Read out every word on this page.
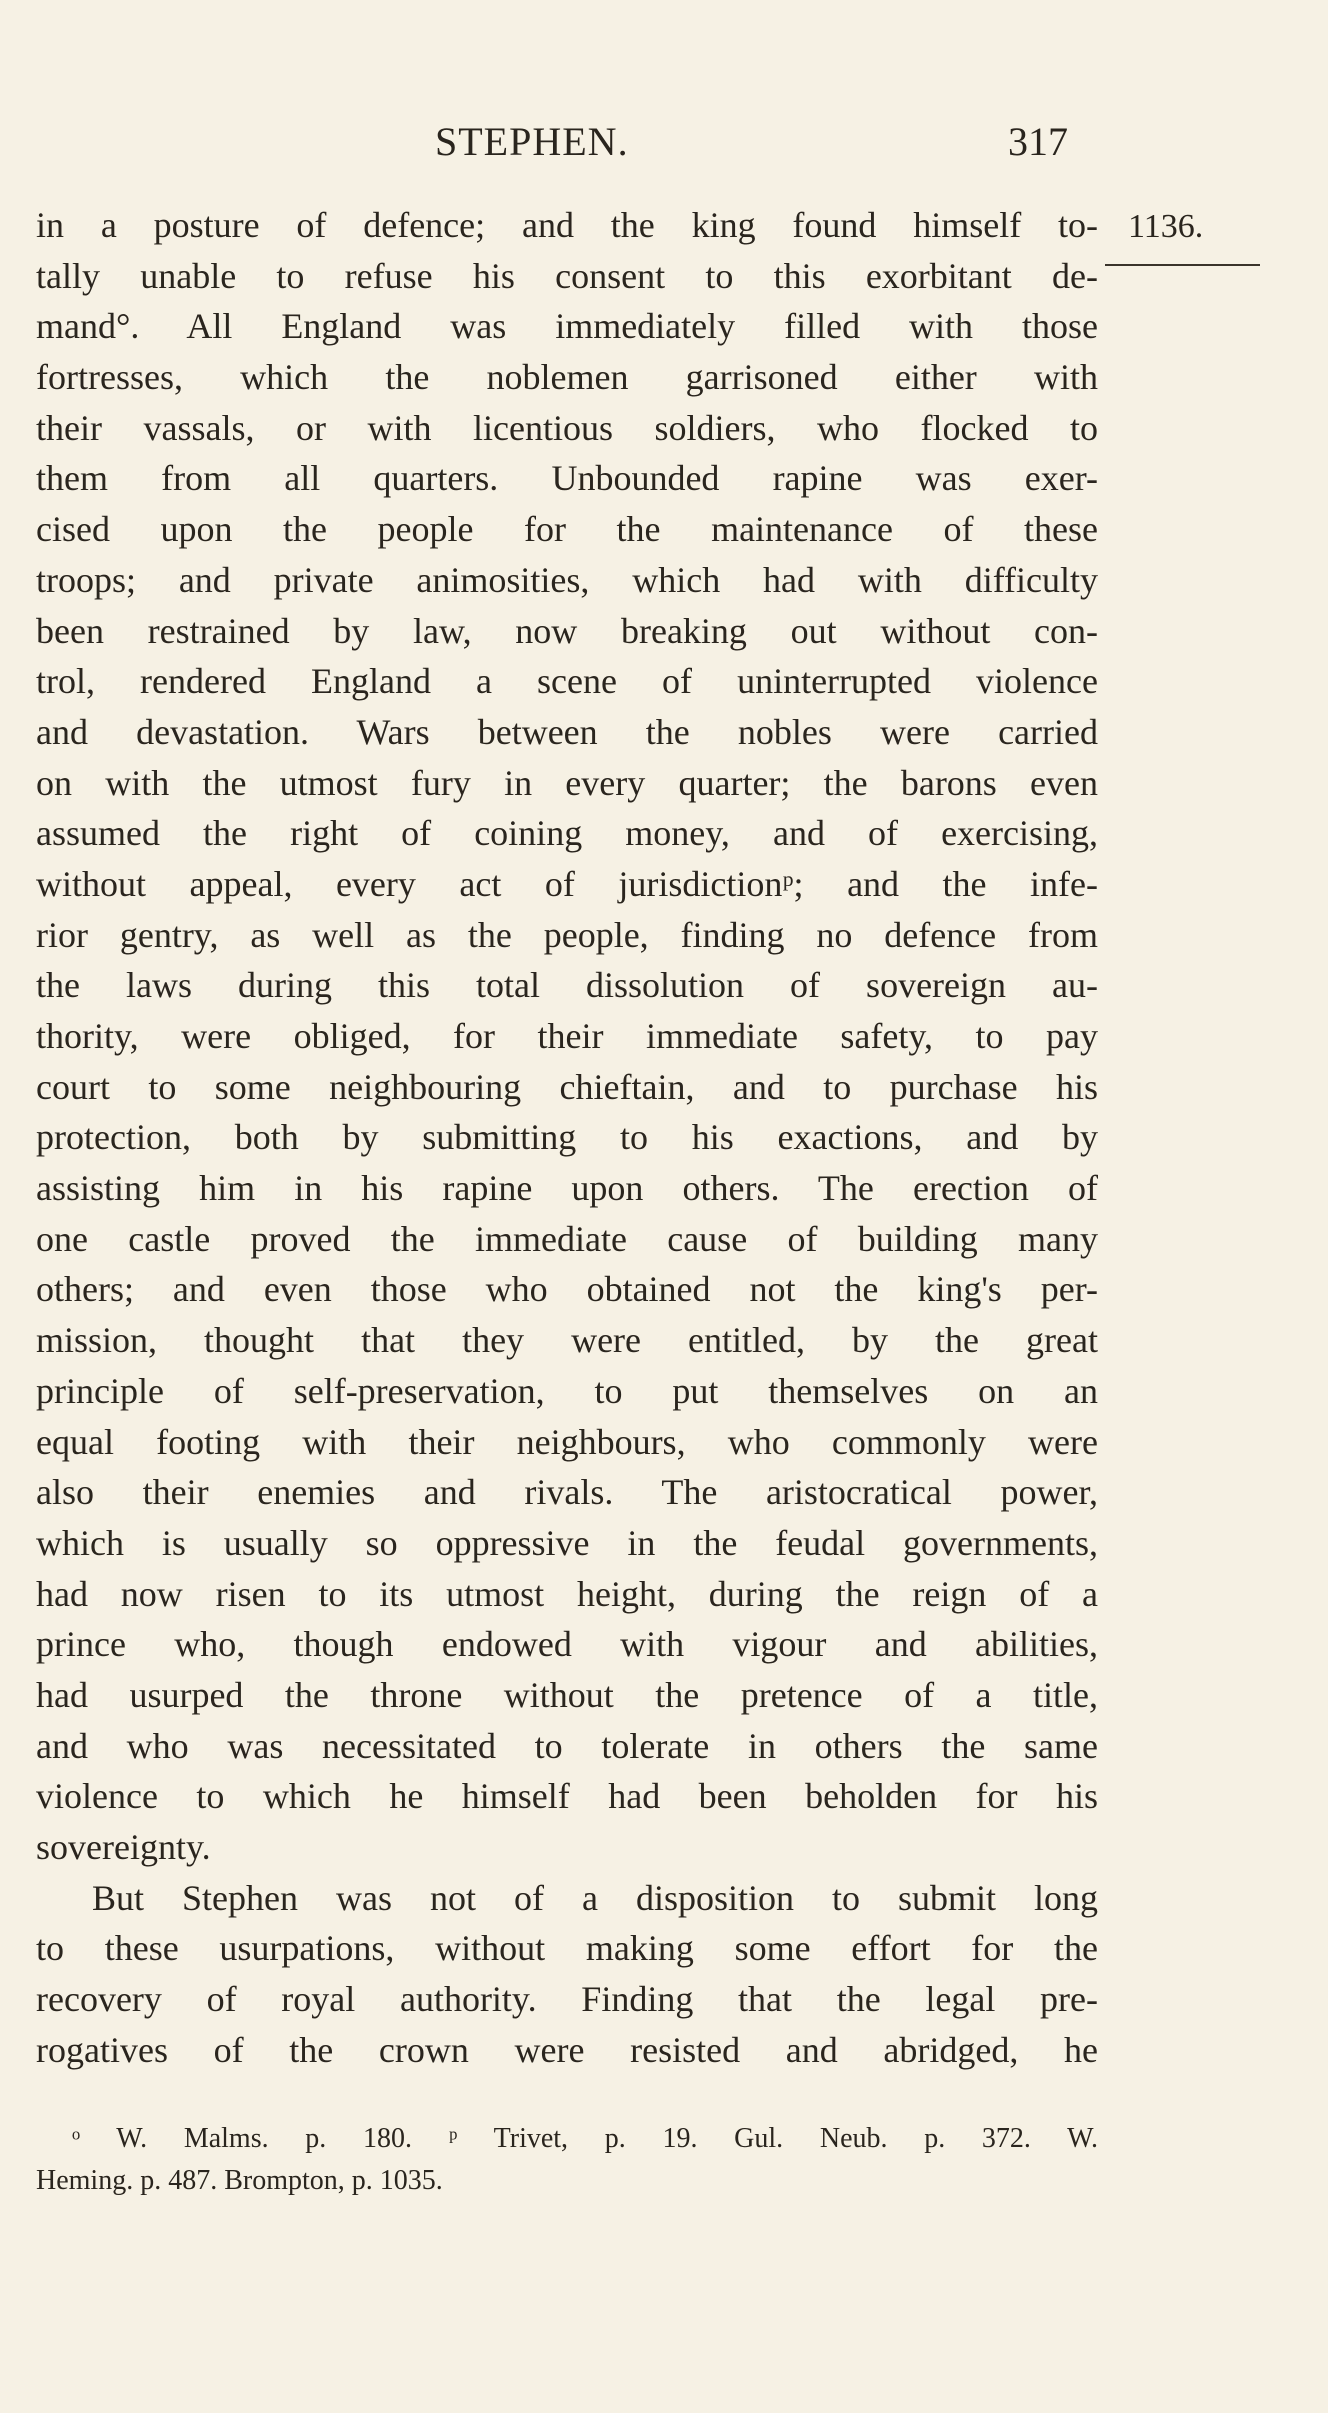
STEPHEN.	317
1136.
in a posture of defence; and the king found himself to-
tally unable to refuse his consent to this exorbitant de-
mand°. All England was immediately filled with those
fortresses, which the noblemen garrisoned either with
their vassals, or with licentious soldiers, who flocked to
them from all quarters. Unbounded rapine was exer-
cised upon the people for the maintenance of these
troops; and private animosities, which had with difficulty
been restrained by law, now breaking out without con-
trol, rendered England a scene of uninterrupted violence
and devastation. Wars between the nobles were carried
on with the utmost fury in every quarter; the barons even
assumed the right of coining money, and of exercising,
without appeal, every act of jurisdictionᵖ; and the infe-
rior gentry, as well as the people, finding no defence from
the laws during this total dissolution of sovereign au-
thority, were obliged, for their immediate safety, to pay
court to some neighbouring chieftain, and to purchase his
protection, both by submitting to his exactions, and by
assisting him in his rapine upon others. The erection of
one castle proved the immediate cause of building many
others; and even those who obtained not the king's per-
mission, thought that they were entitled, by the great
principle of self-preservation, to put themselves on an
equal footing with their neighbours, who commonly were
also their enemies and rivals. The aristocratical power,
which is usually so oppressive in the feudal governments,
had now risen to its utmost height, during the reign of a
prince who, though endowed with vigour and abilities,
had usurped the throne without the pretence of a title,
and who was necessitated to tolerate in others the same
violence to which he himself had been beholden for his
sovereignty.
But Stephen was not of a disposition to submit long
to these usurpations, without making some effort for the
recovery of royal authority. Finding that the legal pre-
rogatives of the crown were resisted and abridged, he
ᵒ W. Malms. p. 180. ᵖ Trivet, p. 19. Gul. Neub. p. 372. W.
Heming. p. 487. Brompton, p. 1035.
